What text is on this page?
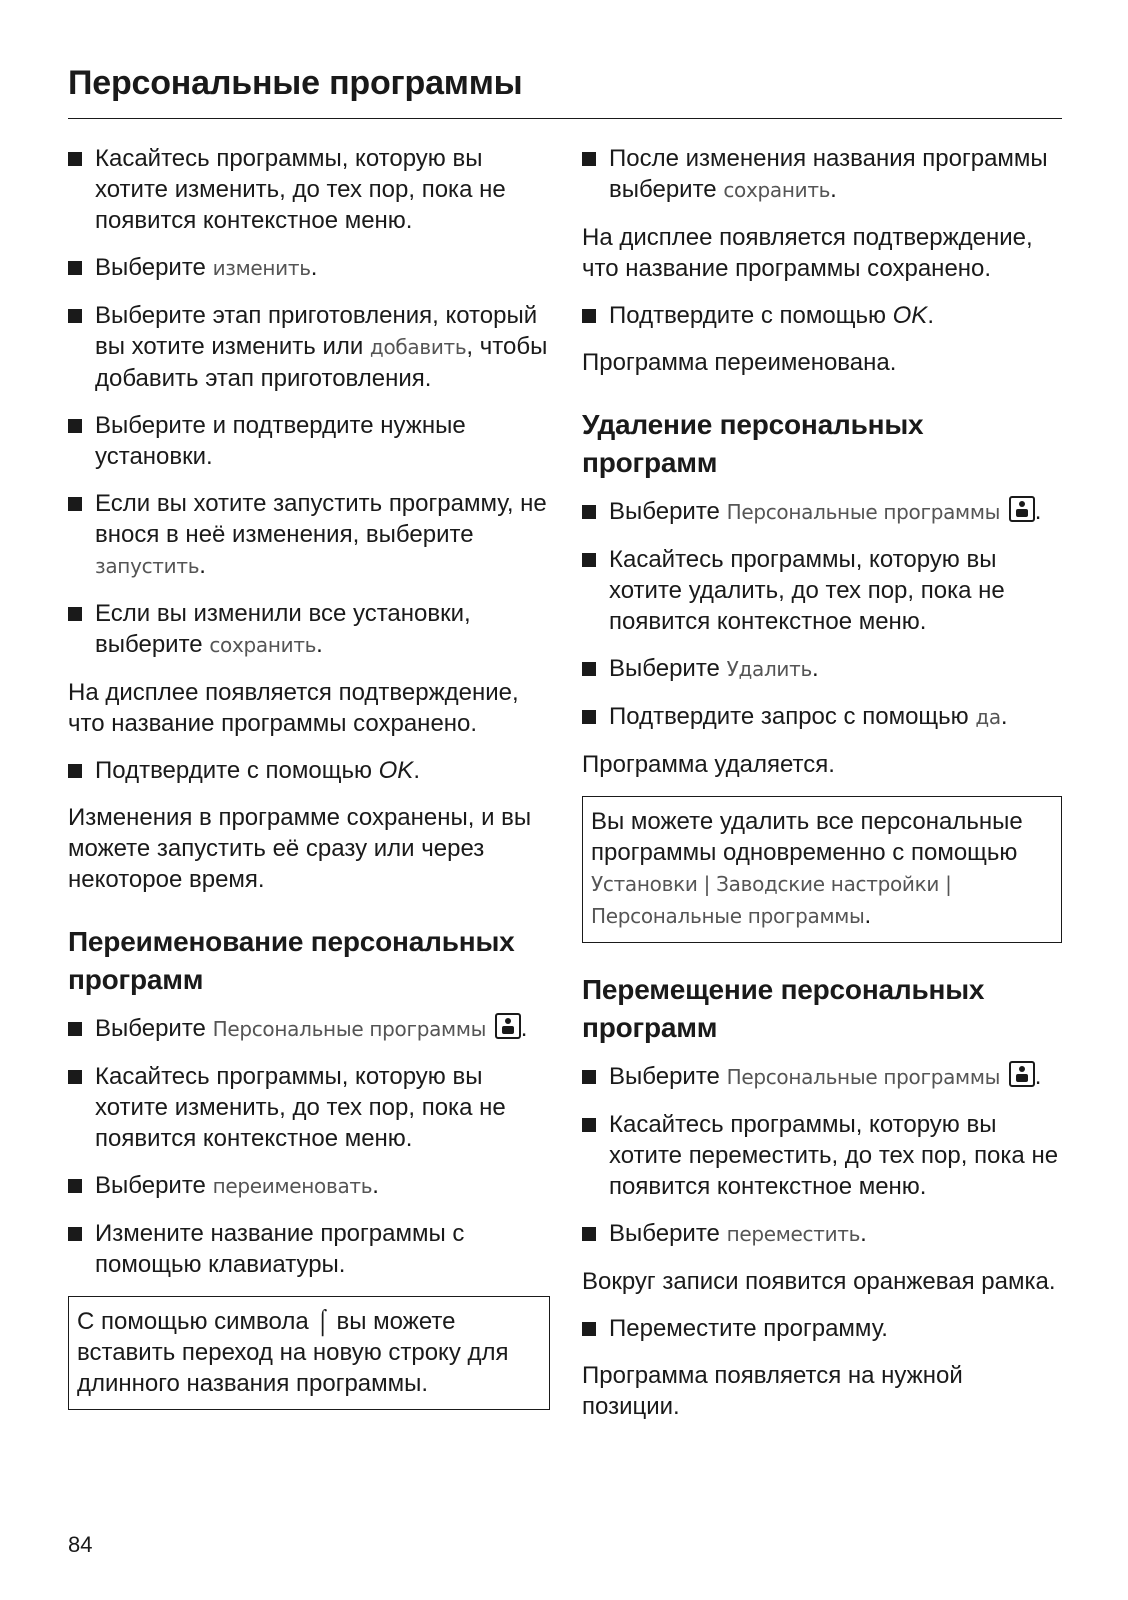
Персональные программы
Касайтесь программы, которую вы хотите изменить, до тех пор, пока не появится контекстное меню.
Выберите изменить.
Выберите этап приготовления, который вы хотите изменить или добавить, чтобы добавить этап приготовления.
Выберите и подтвердите нужные установки.
Если вы хотите запустить программу, не внося в неё изменения, выберите запустить.
Если вы изменили все установки, выберите сохранить.
На дисплее появляется подтверждение, что название программы сохранено.
Подтвердите с помощью OK.
Изменения в программе сохранены, и вы можете запустить её сразу или через некоторое время.
Переименование персональных программ
Выберите Персональные программы .
Касайтесь программы, которую вы хотите изменить, до тех пор, пока не появится контекстное меню.
Выберите переименовать.
Измените название программы с помощью клавиатуры.
С помощью символа ⌠ вы можете вставить переход на новую строку для длинного названия программы.
После изменения названия программы выберите сохранить.
На дисплее появляется подтверждение, что название программы сохранено.
Подтвердите с помощью OK.
Программа переименована.
Удаление персональных программ
Выберите Персональные программы .
Касайтесь программы, которую вы хотите удалить, до тех пор, пока не появится контекстное меню.
Выберите Удалить.
Подтвердите запрос с помощью да.
Программа удаляется.
Вы можете удалить все персональные программы одновременно с помощью Установки | Заводские настройки | Персональные программы.
Перемещение персональных программ
Выберите Персональные программы .
Касайтесь программы, которую вы хотите переместить, до тех пор, пока не появится контекстное меню.
Выберите переместить.
Вокруг записи появится оранжевая рамка.
Переместите программу.
Программа появляется на нужной позиции.
84
